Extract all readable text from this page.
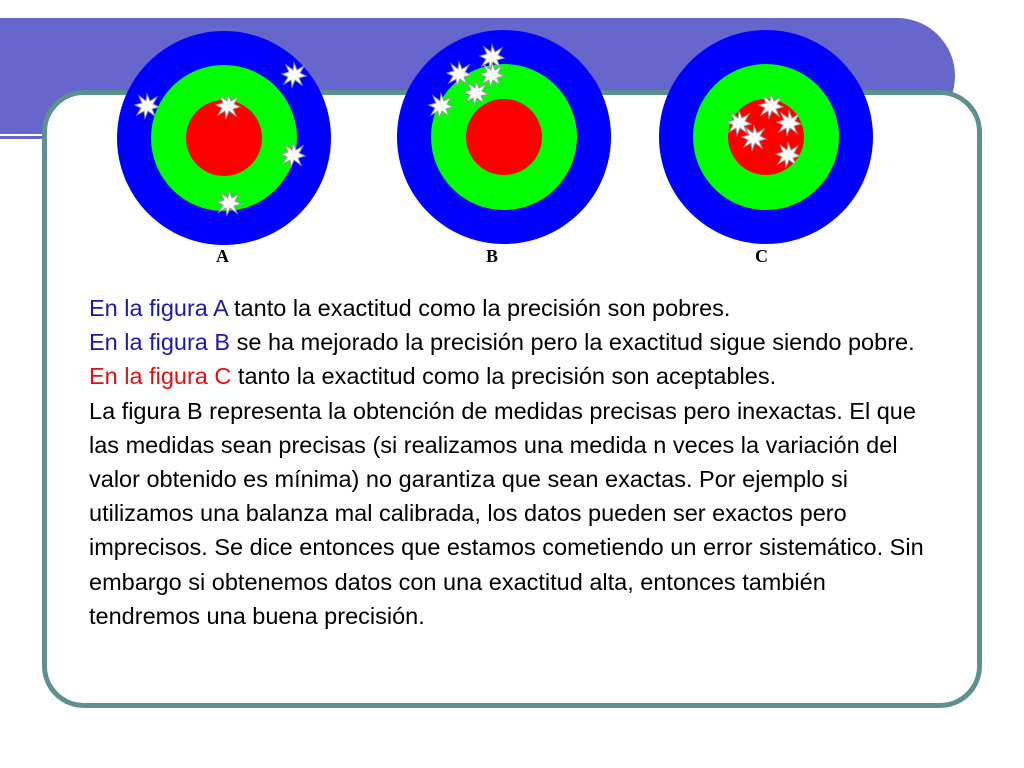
A	B	C

En la figura A tanto la exactitud como la precisión son pobres.

En la figura B se ha mejorado la precisión pero la exactitud sigue siendo pobre.

En la figura C tanto la exactitud como la precisión son aceptables.

La figura B representa la obtención de medidas precisas pero inexactas. El que las medidas sean precisas (si realizamos una medida n veces la variación del valor obtenido es mínima) no garantiza que sean exactas. Por ejemplo si utilizamos una balanza mal calibrada, los datos pueden ser exactos pero imprecisos. Se dice entonces que estamos cometiendo un error sistemático. Sin embargo si obtenemos datos con una exactitud alta, entonces también tendremos una buena precisión.
